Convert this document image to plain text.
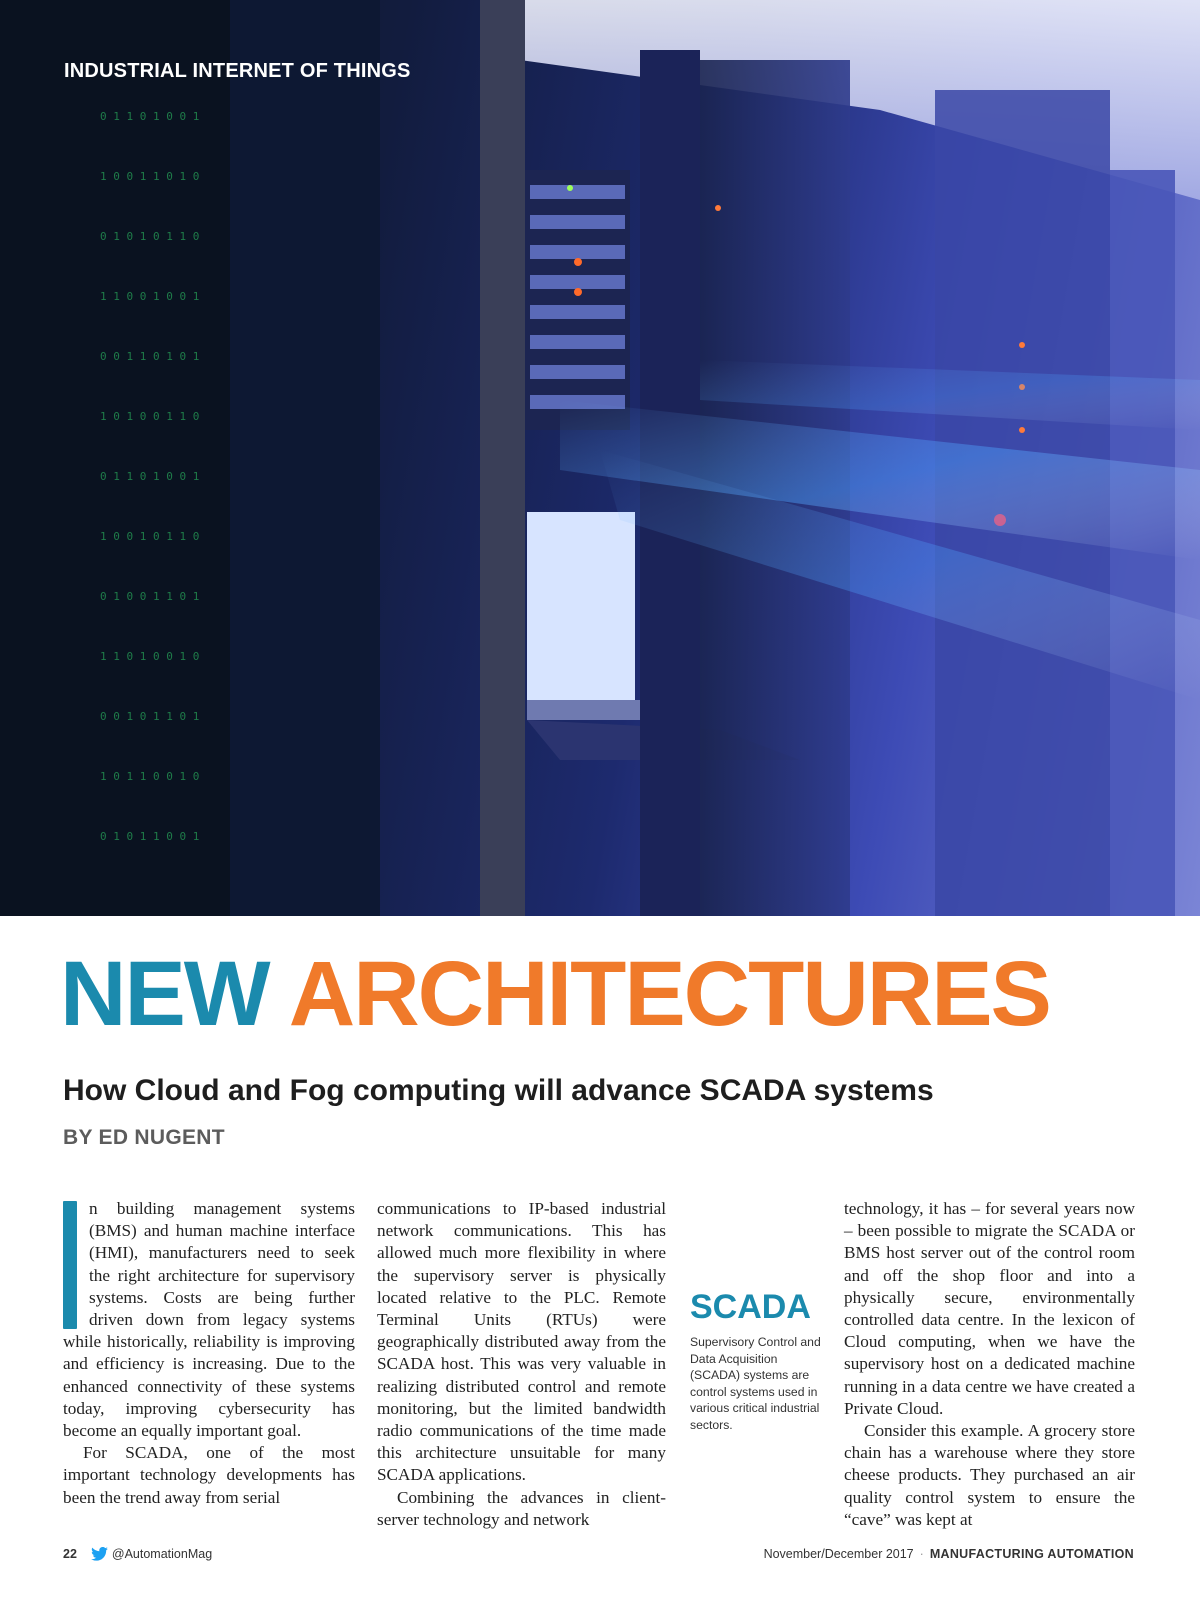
0 1 1 0 1 0 0 1
1 0 0 1 1 0 1 0
0 1 0 1 0 1 1 0
1 1 0 0 1 0 0 1
0 0 1 1 0 1 0 1
1 0 1 0 0 1 1 0
0 1 1 0 1 0 0 1
1 0 0 1 0 1 1 0
0 1 0 0 1 1 0 1
1 1 0 1 0 0 1 0
0 0 1 0 1 1 0 1
1 0 1 1 0 0 1 0
0 1 0 1 1 0 0 1

INDUSTRIAL INTERNET OF THINGS

NEW ARCHITECTURES
How Cloud and Fog computing will advance SCADA systems

BY ED NUGENT

n building management systems (BMS) and human machine interface (HMI), manufacturers need to seek the right architecture for supervisory systems. Costs are being further driven down from legacy systems while historically, reliability is improving and efficiency is increasing. Due to the enhanced connectivity of these systems today, improving cybersecurity has become an equally important goal.

For SCADA, one of the most important technology developments has been the trend away from serial

communications to IP-based industrial network communications. This has allowed much more flexibility in where the supervisory server is physically located relative to the PLC. Remote Terminal Units (RTUs) were geographically distributed away from the SCADA host. This was very valuable in realizing distributed control and remote monitoring, but the limited bandwidth radio communications of the time made this architecture unsuitable for many SCADA applications.

Combining the advances in client-server technology and network

SCADA

Supervisory Control and Data Acquisition (SCADA) systems are control systems used in various critical industrial sectors.

technology, it has – for several years now – been possible to migrate the SCADA or BMS host server out of the control room and off the shop floor and into a physically secure, environmentally controlled data centre. In the lexicon of Cloud computing, when we have the supervisory host on a dedicated machine running in a data centre we have created a Private Cloud.

Consider this example. A grocery store chain has a warehouse where they store cheese products. They purchased an air quality control system to ensure the “cave” was kept at

22	@AutomationMag	November/December 2017 · MANUFACTURING AUTOMATION
